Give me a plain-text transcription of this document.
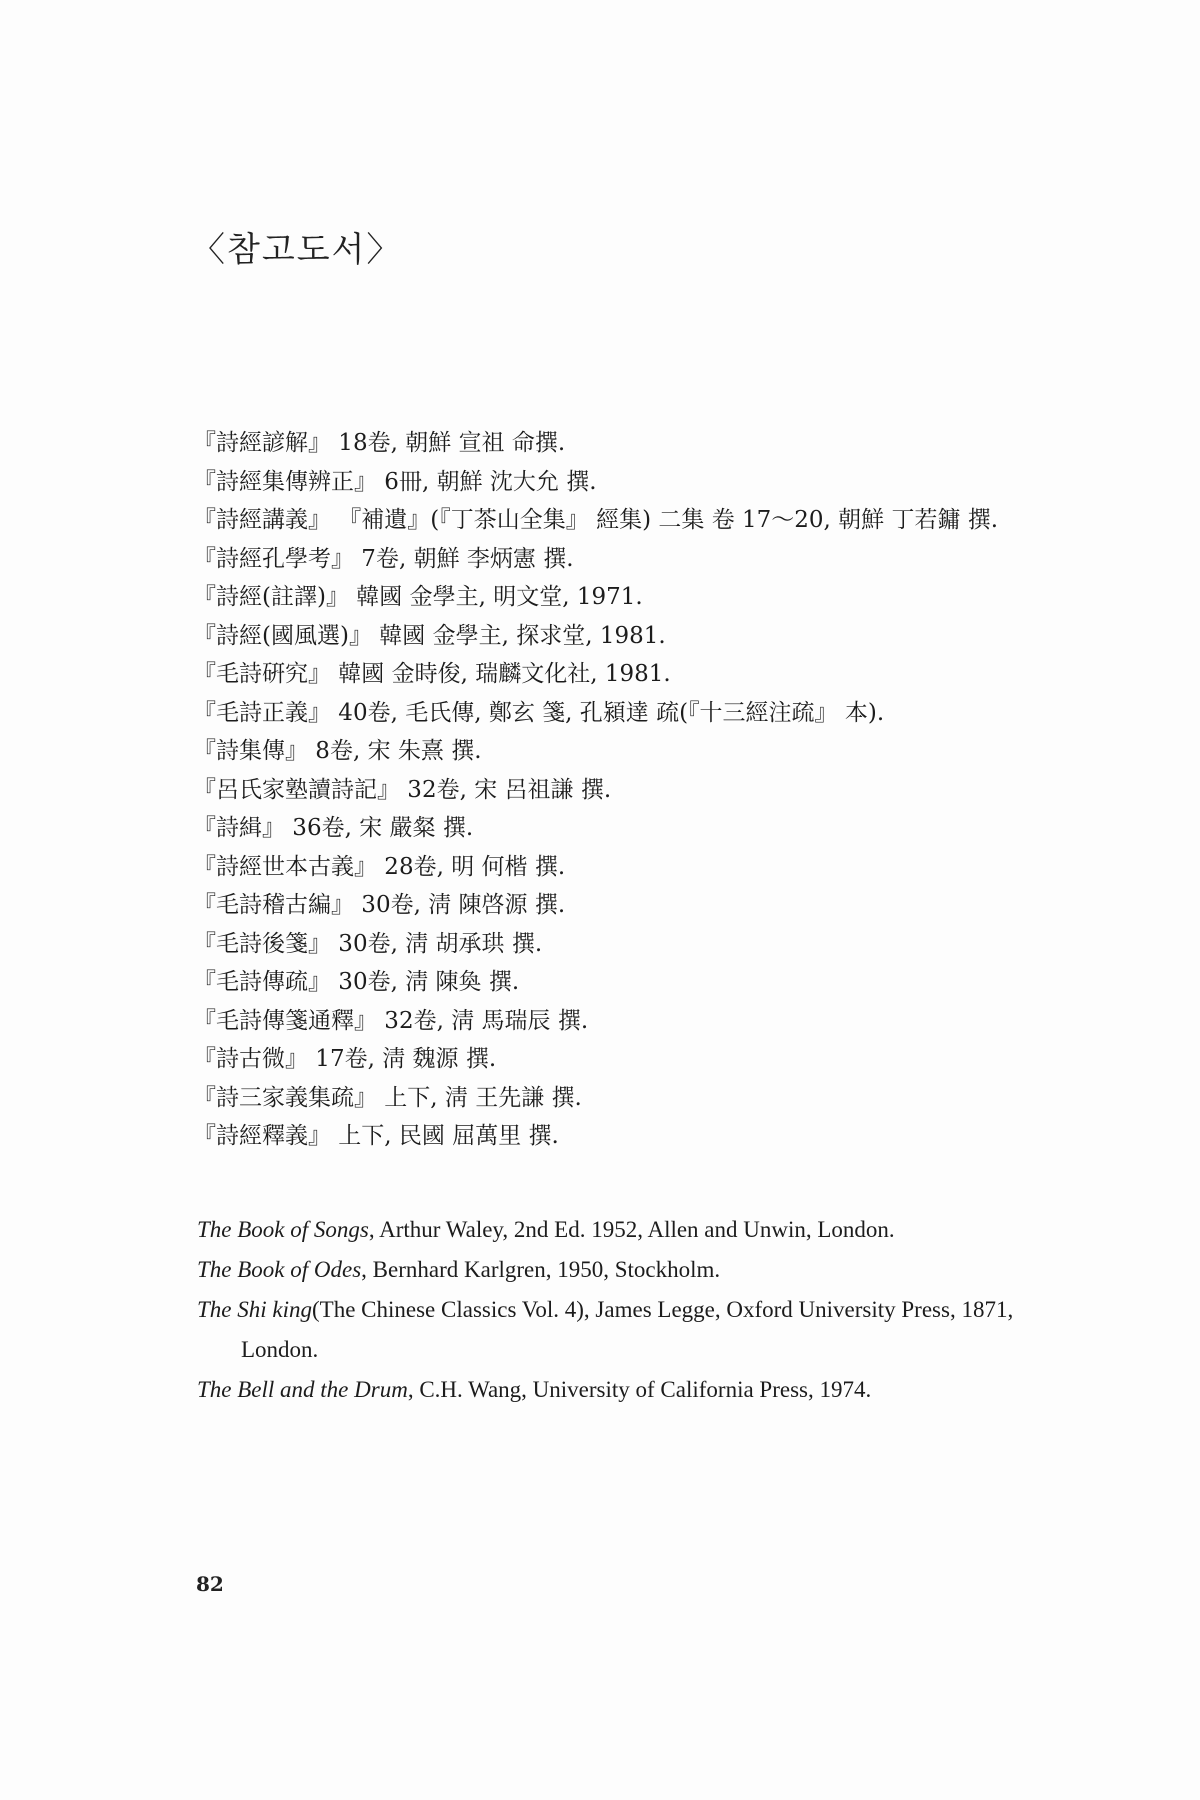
〈참고도서〉
『詩經諺解』 18卷, 朝鮮 宣祖 命撰.
『詩經集傳辨正』 6冊, 朝鮮 沈大允 撰.
『詩經講義』 『補遺』(『丁茶山全集』 經集) 二集 卷 17～20, 朝鮮 丁若鏞 撰.
『詩經孔學考』 7卷, 朝鮮 李炳憲 撰.
『詩經(註譯)』 韓國 金學主, 明文堂, 1971.
『詩經(國風選)』 韓國 金學主, 探求堂, 1981.
『毛詩硏究』 韓國 金時俊, 瑞麟文化社, 1981.
『毛詩正義』 40卷, 毛氏傳, 鄭玄 箋, 孔潁達 疏(『十三經注疏』 本).
『詩集傳』 8卷, 宋 朱熹 撰.
『呂氏家塾讀詩記』 32卷, 宋 呂祖謙 撰.
『詩緝』 36卷, 宋 嚴粲 撰.
『詩經世本古義』 28卷, 明 何楷 撰.
『毛詩稽古編』 30卷, 淸 陳啓源 撰.
『毛詩後箋』 30卷, 淸 胡承珙 撰.
『毛詩傳疏』 30卷, 淸 陳奐 撰.
『毛詩傳箋通釋』 32卷, 淸 馬瑞辰 撰.
『詩古微』 17卷, 淸 魏源 撰.
『詩三家義集疏』 上下, 淸 王先謙 撰.
『詩經釋義』 上下, 民國 屈萬里 撰.
The Book of Songs, Arthur Waley, 2nd Ed. 1952, Allen and Unwin, London.
The Book of Odes, Bernhard Karlgren, 1950, Stockholm.
The Shi king(The Chinese Classics Vol. 4), James Legge, Oxford University Press, 1871, London.
The Bell and the Drum, C.H. Wang, University of California Press, 1974.
82
